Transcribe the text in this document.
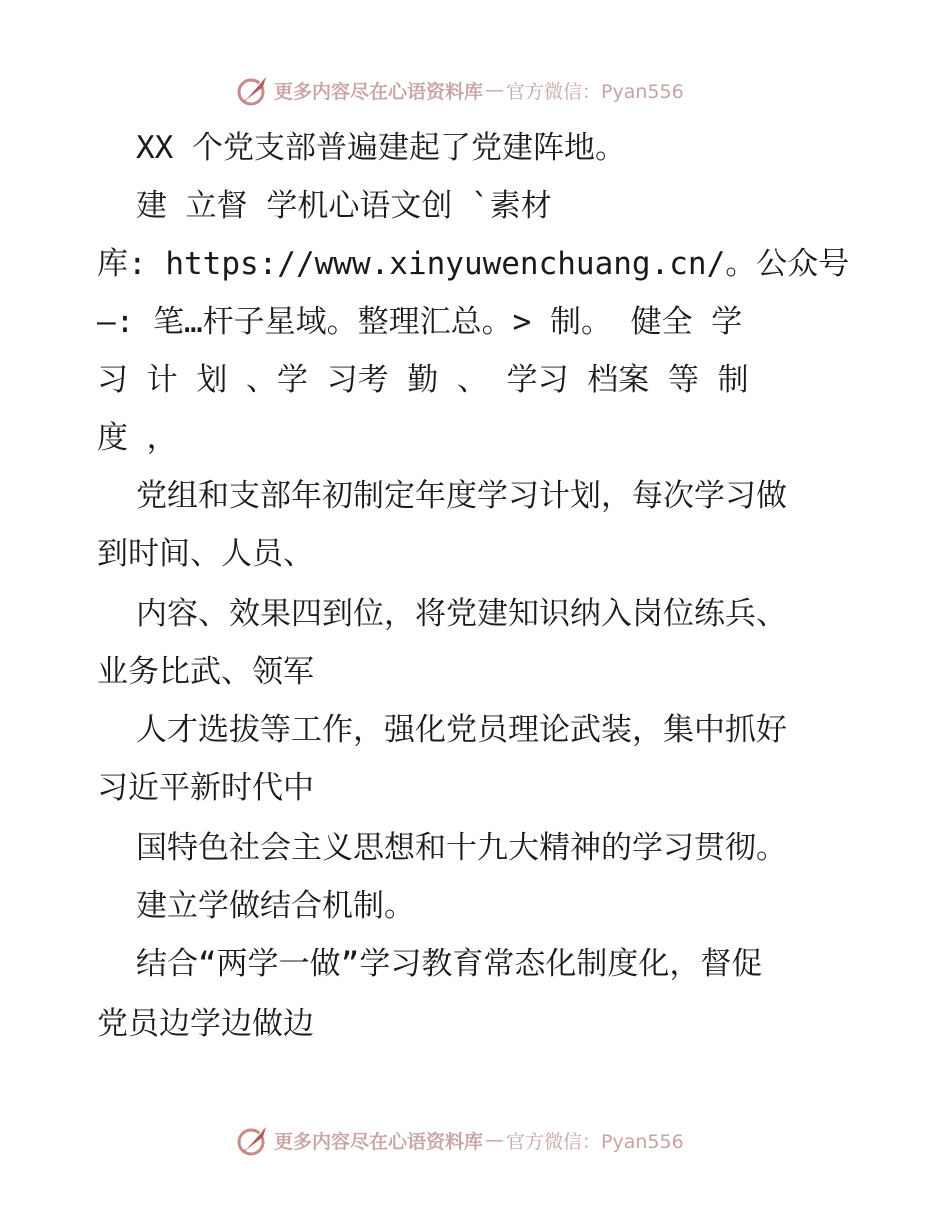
更多内容尽在心语资料库 — 官方微信：Pyan556
XX 个党支部普遍建起了党建阵地。
建 立督 学机心语文创 `素材
库: https://www.xinyuwenchuang.cn/。公众号
—: 笔…杆子星域。整理汇总。> 制。 健全 学
习 计 划 、学 习考 勤 、 学习 档案 等 制
度 ，
党组和支部年初制定年度学习计划，每次学习做
到时间、人员、
内容、效果四到位，将党建知识纳入岗位练兵、
业务比武、领军
人才选拔等工作，强化党员理论武装，集中抓好
习近平新时代中
国特色社会主义思想和十九大精神的学习贯彻。
建立学做结合机制。
结合“两学一做”学习教育常态化制度化，督促
党员边学边做边
更多内容尽在心语资料库 — 官方微信：Pyan556
